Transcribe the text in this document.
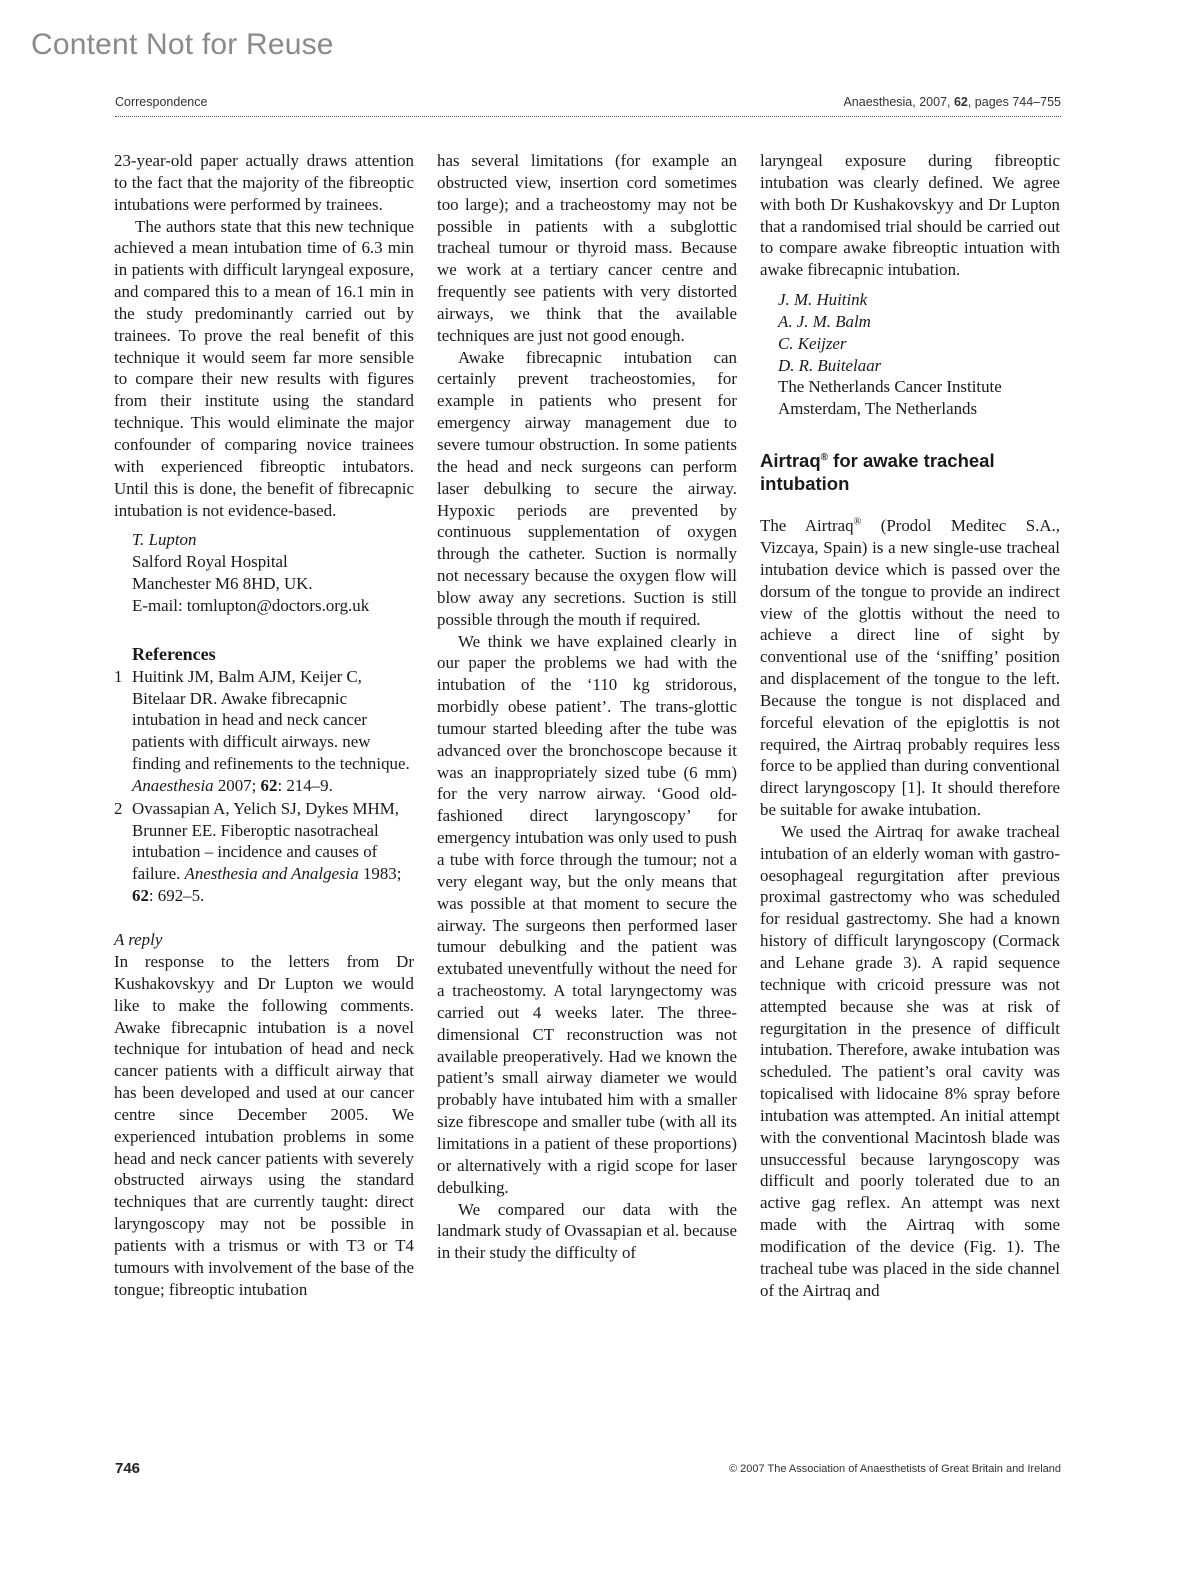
Content Not for Reuse
Correspondence	Anaesthesia, 2007, 62, pages 744–755

23-year-old paper actually draws attention to the fact that the majority of the fibreoptic intubations were performed by trainees.

The authors state that this new technique achieved a mean intubation time of 6.3 min in patients with difficult laryngeal exposure, and compared this to a mean of 16.1 min in the study predominantly carried out by trainees. To prove the real benefit of this technique it would seem far more sensible to compare their new results with figures from their institute using the standard technique. This would eliminate the major confounder of comparing novice trainees with experienced fibreoptic intubators. Until this is done, the benefit of fibrecapnic intubation is not evidence-based.

T. Lupton
Salford Royal Hospital
Manchester M6 8HD, UK.
E-mail: tomlupton@doctors.org.uk
References
1 Huitink JM, Balm AJM, Keijer C, Bitelaar DR. Awake fibrecapnic intubation in head and neck cancer patients with difficult airways. new finding and refinements to the technique. Anaesthesia 2007; 62: 214–9.
2 Ovassapian A, Yelich SJ, Dykes MHM, Brunner EE. Fiberoptic nasotracheal intubation – incidence and causes of failure. Anesthesia and Analgesia 1983; 62: 692–5.
A reply

In response to the letters from Dr Kushakovskyy and Dr Lupton we would like to make the following comments. Awake fibrecapnic intubation is a novel technique for intubation of head and neck cancer patients with a difficult airway that has been developed and used at our cancer centre since December 2005. We experienced intubation problems in some head and neck cancer patients with severely obstructed airways using the standard techniques that are currently taught: direct laryngoscopy may not be possible in patients with a trismus or with T3 or T4 tumours with involvement of the base of the tongue; fibreoptic intubation

has several limitations (for example an obstructed view, insertion cord sometimes too large); and a tracheostomy may not be possible in patients with a subglottic tracheal tumour or thyroid mass. Because we work at a tertiary cancer centre and frequently see patients with very distorted airways, we think that the available techniques are just not good enough.

Awake fibrecapnic intubation can certainly prevent tracheostomies, for example in patients who present for emergency airway management due to severe tumour obstruction. In some patients the head and neck surgeons can perform laser debulking to secure the airway. Hypoxic periods are prevented by continuous supplementation of oxygen through the catheter. Suction is normally not necessary because the oxygen flow will blow away any secretions. Suction is still possible through the mouth if required.

We think we have explained clearly in our paper the problems we had with the intubation of the ‘110 kg stridorous, morbidly obese patient’. The trans-glottic tumour started bleeding after the tube was advanced over the bronchoscope because it was an inappropriately sized tube (6 mm) for the very narrow airway. ‘Good old-fashioned direct laryngoscopy’ for emergency intubation was only used to push a tube with force through the tumour; not a very elegant way, but the only means that was possible at that moment to secure the airway. The surgeons then performed laser tumour debulking and the patient was extubated uneventfully without the need for a tracheostomy. A total laryngectomy was carried out 4 weeks later. The three-dimensional CT reconstruction was not available preoperatively. Had we known the patient’s small airway diameter we would probably have intubated him with a smaller size fibrescope and smaller tube (with all its limitations in a patient of these proportions) or alternatively with a rigid scope for laser debulking.

We compared our data with the landmark study of Ovassapian et al. because in their study the difficulty of

laryngeal exposure during fibreoptic intubation was clearly defined. We agree with both Dr Kushakovskyy and Dr Lupton that a randomised trial should be carried out to compare awake fibreoptic intuation with awake fibrecapnic intubation.

J. M. Huitink
A. J. M. Balm
C. Keijzer
D. R. Buitelaar
The Netherlands Cancer Institute
Amsterdam, The Netherlands
Airtraq® for awake tracheal intubation

The Airtraq® (Prodol Meditec S.A., Vizcaya, Spain) is a new single-use tracheal intubation device which is passed over the dorsum of the tongue to provide an indirect view of the glottis without the need to achieve a direct line of sight by conventional use of the ‘sniffing’ position and displacement of the tongue to the left. Because the tongue is not displaced and forceful elevation of the epiglottis is not required, the Airtraq probably requires less force to be applied than during conventional direct laryngoscopy [1]. It should therefore be suitable for awake intubation.

We used the Airtraq for awake tracheal intubation of an elderly woman with gastro-oesophageal regurgitation after previous proximal gastrectomy who was scheduled for residual gastrectomy. She had a known history of difficult laryngoscopy (Cormack and Lehane grade 3). A rapid sequence technique with cricoid pressure was not attempted because she was at risk of regurgitation in the presence of difficult intubation. Therefore, awake intubation was scheduled. The patient’s oral cavity was topicalised with lidocaine 8% spray before intubation was attempted. An initial attempt with the conventional Macintosh blade was unsuccessful because laryngoscopy was difficult and poorly tolerated due to an active gag reflex. An attempt was next made with the Airtraq with some modification of the device (Fig. 1). The tracheal tube was placed in the side channel of the Airtraq and

746	© 2007 The Association of Anaesthetists of Great Britain and Ireland
